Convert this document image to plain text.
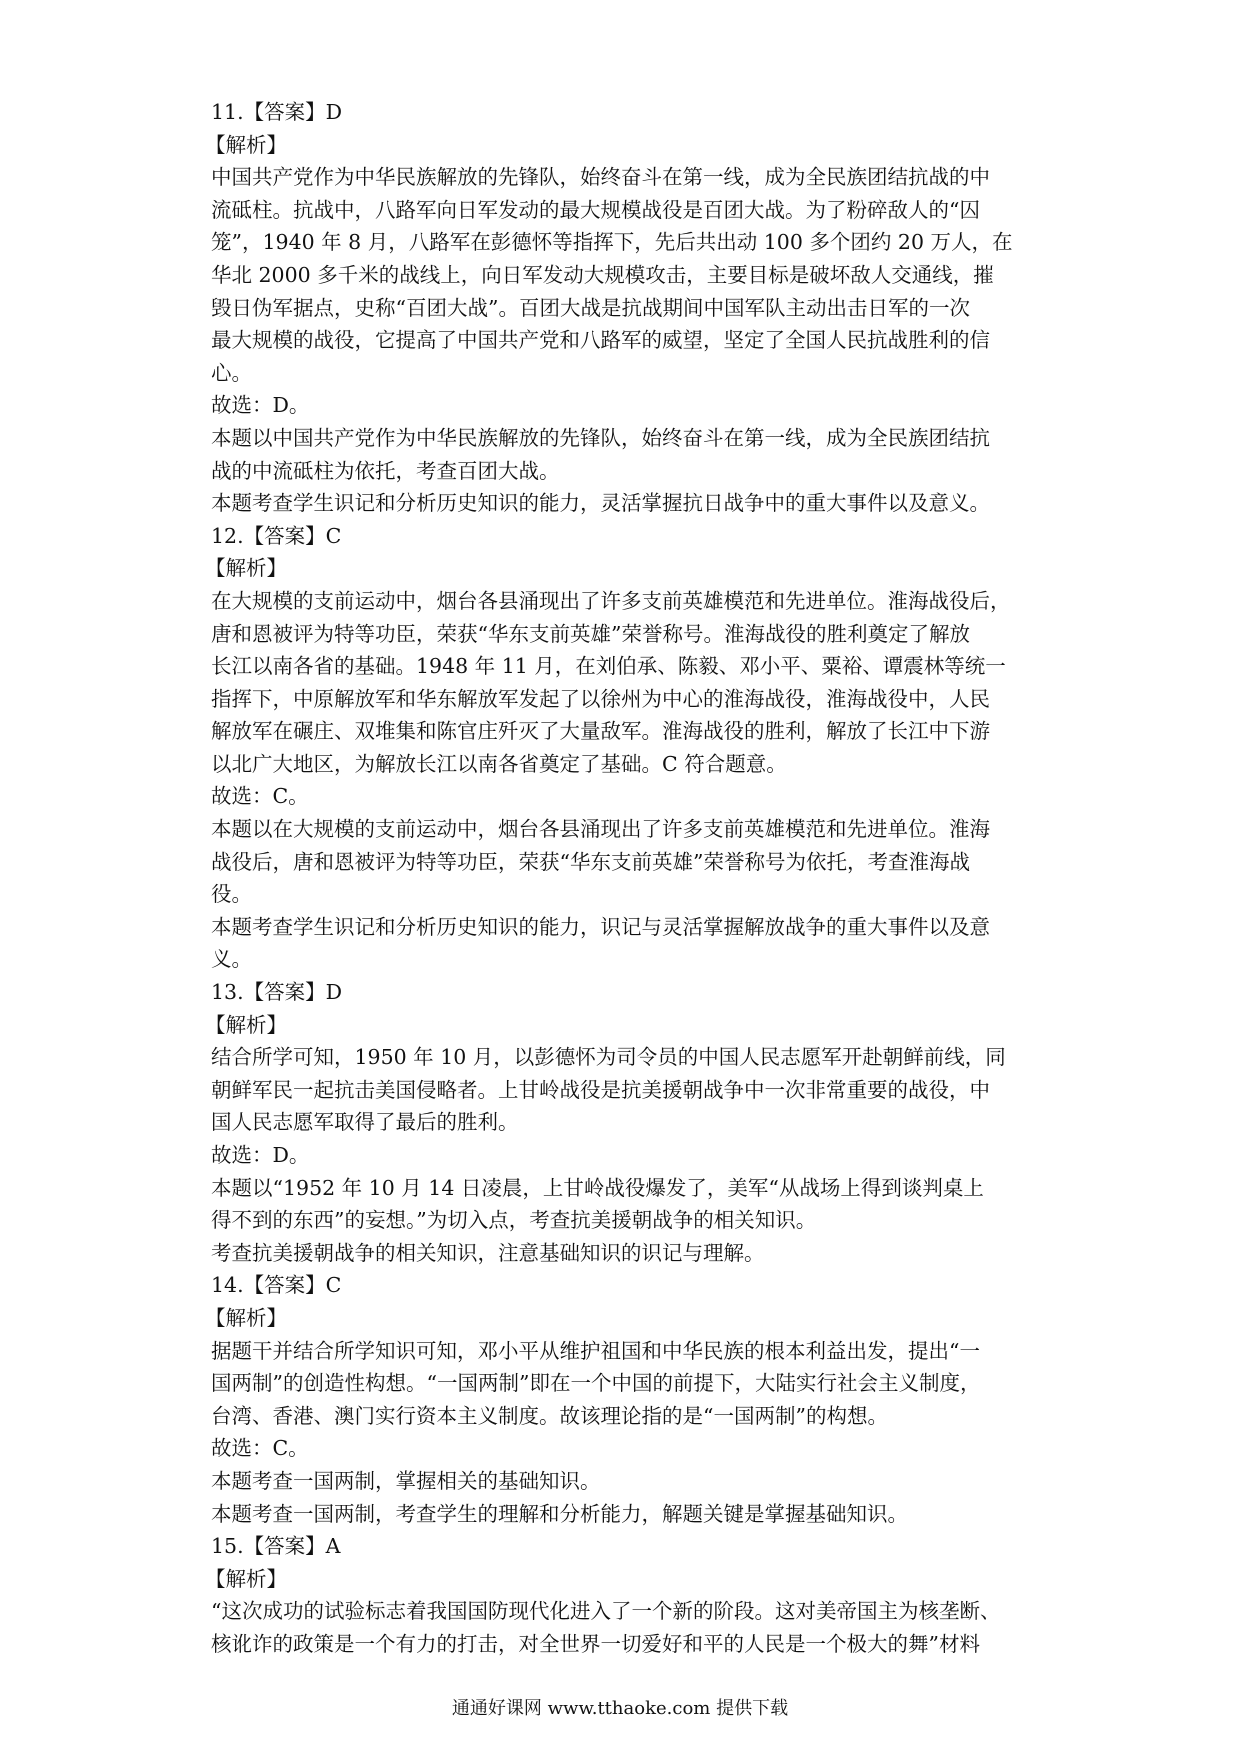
11.【答案】D
【解析】
中国共产党作为中华民族解放的先锋队，始终奋斗在第一线，成为全民族团结抗战的中
流砥柱。抗战中，八路军向日军发动的最大规模战役是百团大战。为了粉碎敌人的“囚
笼”，1940 年 8 月，八路军在彭德怀等指挥下，先后共出动 100 多个团约 20 万人，在
华北 2000 多千米的战线上，向日军发动大规模攻击，主要目标是破坏敌人交通线，摧
毁日伪军据点，史称“百团大战”。百团大战是抗战期间中国军队主动出击日军的一次
最大规模的战役，它提高了中国共产党和八路军的威望，坚定了全国人民抗战胜利的信
心。
故选：D。
本题以中国共产党作为中华民族解放的先锋队，始终奋斗在第一线，成为全民族团结抗
战的中流砥柱为依托，考查百团大战。
本题考查学生识记和分析历史知识的能力，灵活掌握抗日战争中的重大事件以及意义。
12.【答案】C
【解析】
在大规模的支前运动中，烟台各县涌现出了许多支前英雄模范和先进单位。淮海战役后，
唐和恩被评为特等功臣，荣获“华东支前英雄”荣誉称号。淮海战役的胜利奠定了解放
长江以南各省的基础。1948 年 11 月，在刘伯承、陈毅、邓小平、粟裕、谭震林等统一
指挥下，中原解放军和华东解放军发起了以徐州为中心的淮海战役，淮海战役中，人民
解放军在碾庄、双堆集和陈官庄歼灭了大量敌军。淮海战役的胜利，解放了长江中下游
以北广大地区，为解放长江以南各省奠定了基础。C 符合题意。
故选：C。
本题以在大规模的支前运动中，烟台各县涌现出了许多支前英雄模范和先进单位。淮海
战役后，唐和恩被评为特等功臣，荣获“华东支前英雄”荣誉称号为依托，考查淮海战
役。
本题考查学生识记和分析历史知识的能力，识记与灵活掌握解放战争的重大事件以及意
义。
13.【答案】D
【解析】
结合所学可知，1950 年 10 月，以彭德怀为司令员的中国人民志愿军开赴朝鲜前线，同
朝鲜军民一起抗击美国侵略者。上甘岭战役是抗美援朝战争中一次非常重要的战役，中
国人民志愿军取得了最后的胜利。
故选：D。
本题以“1952 年 10 月 14 日凌晨，上甘岭战役爆发了，美军“从战场上得到谈判桌上
得不到的东西”的妄想。”为切入点，考查抗美援朝战争的相关知识。
考查抗美援朝战争的相关知识，注意基础知识的识记与理解。
14.【答案】C
【解析】
据题干并结合所学知识可知，邓小平从维护祖国和中华民族的根本利益出发，提出“一
国两制”的创造性构想。“一国两制”即在一个中国的前提下，大陆实行社会主义制度，
台湾、香港、澳门实行资本主义制度。故该理论指的是“一国两制”的构想。
故选：C。
本题考查一国两制，掌握相关的基础知识。
本题考查一国两制，考查学生的理解和分析能力，解题关键是掌握基础知识。
15.【答案】A
【解析】
“这次成功的试验标志着我国国防现代化进入了一个新的阶段。这对美帝国主为核垄断、
核讹诈的政策是一个有力的打击，对全世界一切爱好和平的人民是一个极大的舞”材料
通通好课网 www.tthaoke.com 提供下载
